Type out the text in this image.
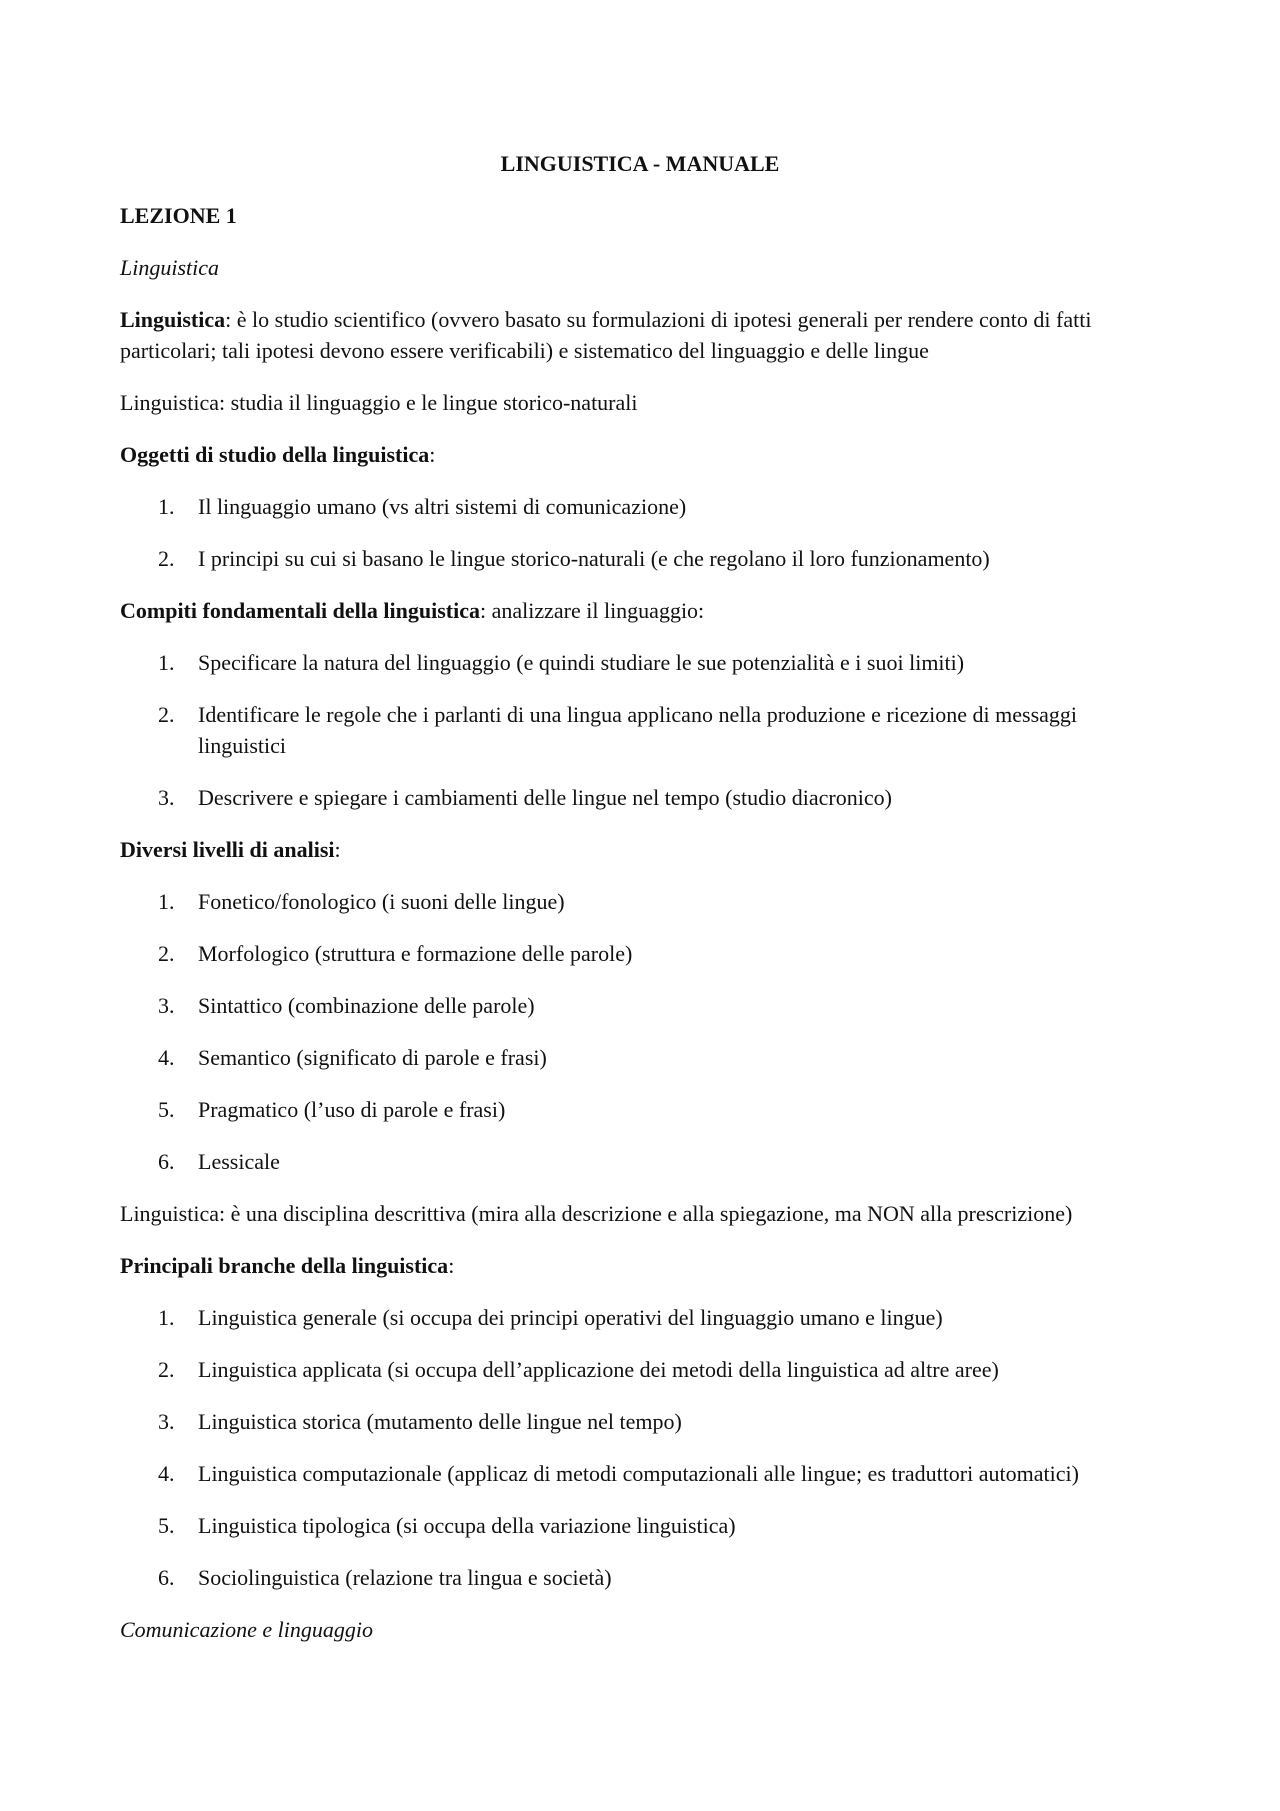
LINGUISTICA - MANUALE
LEZIONE 1
Linguistica
Linguistica: è lo studio scientifico (ovvero basato su formulazioni di ipotesi generali per rendere conto di fatti particolari; tali ipotesi devono essere verificabili) e sistematico del linguaggio e delle lingue
Linguistica: studia il linguaggio e le lingue storico-naturali
Oggetti di studio della linguistica:
1. Il linguaggio umano (vs altri sistemi di comunicazione)
2. I principi su cui si basano le lingue storico-naturali (e che regolano il loro funzionamento)
Compiti fondamentali della linguistica: analizzare il linguaggio:
1. Specificare la natura del linguaggio (e quindi studiare le sue potenzialità e i suoi limiti)
2. Identificare le regole che i parlanti di una lingua applicano nella produzione e ricezione di messaggi linguistici
3. Descrivere e spiegare i cambiamenti delle lingue nel tempo (studio diacronico)
Diversi livelli di analisi:
1. Fonetico/fonologico (i suoni delle lingue)
2. Morfologico (struttura e formazione delle parole)
3. Sintattico (combinazione delle parole)
4. Semantico (significato di parole e frasi)
5. Pragmatico (l’uso di parole e frasi)
6. Lessicale
Linguistica: è una disciplina descrittiva (mira alla descrizione e alla spiegazione, ma NON alla prescrizione)
Principali branche della linguistica:
1. Linguistica generale (si occupa dei principi operativi del linguaggio umano e lingue)
2. Linguistica applicata (si occupa dell’applicazione dei metodi della linguistica ad altre aree)
3. Linguistica storica (mutamento delle lingue nel tempo)
4. Linguistica computazionale (applicaz di metodi computazionali alle lingue; es traduttori automatici)
5. Linguistica tipologica (si occupa della variazione linguistica)
6. Sociolinguistica (relazione tra lingua e società)
Comunicazione e linguaggio
